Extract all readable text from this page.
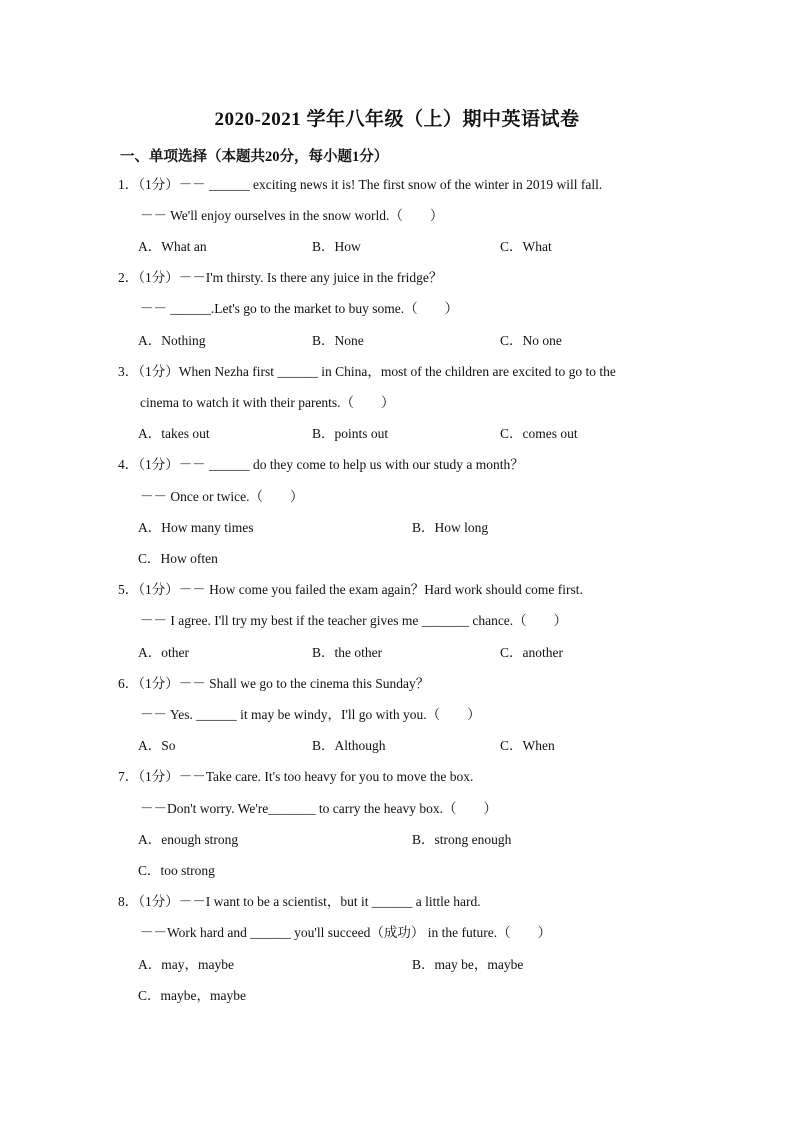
2020-2021 学年八年级（上）期中英语试卷
一、单项选择（本题共20分，每小题1分）
1．（1分）－－ ______ exciting news it is! The first snow of the winter in 2019 will fall.
－－ We'll enjoy ourselves in the snow world.（　　）
A．What an	B．How	C．What
2．（1分）－－I'm thirsty. Is there any juice in the fridge？
－－ ______.Let's go to the market to buy some.（　　）
A．Nothing	B．None	C．No one
3．（1分）When Nezha first ______ in China，most of the children are excited to go to the
cinema to watch it with their parents.（　　）
A．takes out	B．points out	C．comes out
4．（1分）－－ ______ do they come to help us with our study a month？
－－ Once or twice.（　　）
A．How many times	B．How long
C．How often
5．（1分）－－ How come you failed the exam again？Hard work should come first.
－－ I agree. I'll try my best if the teacher gives me _______ chance.（　　）
A．other	B．the other	C．another
6．（1分）－－ Shall we go to the cinema this Sunday？
－－ Yes. ______ it may be windy，I'll go with you.（　　）
A．So	B．Although	C．When
7．（1分）－－Take care. It's too heavy for you to move the box.
－－Don't worry. We're_______ to carry the heavy box.（　　）
A．enough strong	B．strong enough
C．too strong
8．（1分）－－I want to be a scientist，but it ______ a little hard.
－－Work hard and ______ you'll succeed（成功） in the future.（　　）
A．may，maybe	B．may be，maybe
C．maybe，maybe
